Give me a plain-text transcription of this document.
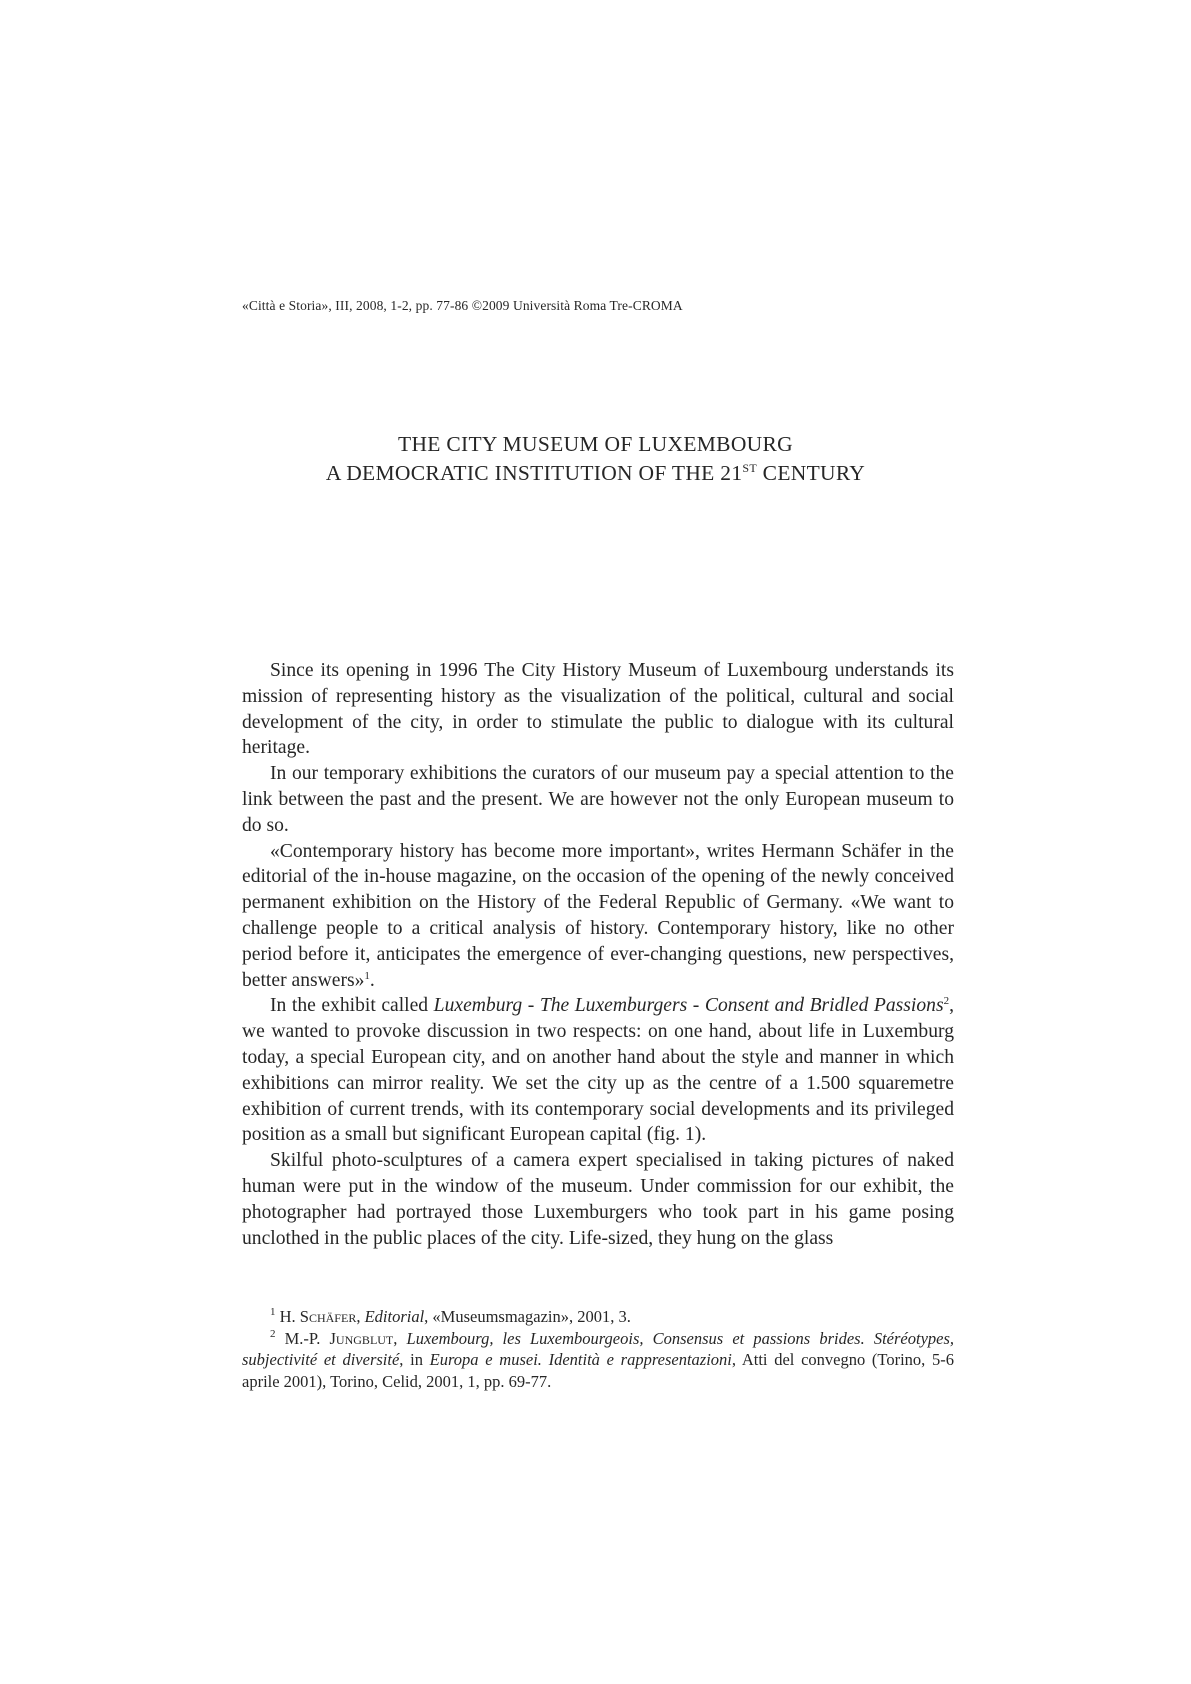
«Città e Storia», III, 2008, 1-2, pp. 77-86 ©2009 Università Roma Tre-CROMA
THE CITY MUSEUM OF LUXEMBOURG
A DEMOCRATIC INSTITUTION OF THE 21ST CENTURY

Since its opening in 1996 The City History Museum of Luxembourg understands its mission of representing history as the visualization of the political, cultural and social development of the city, in order to stimulate the public to dialogue with its cultural heritage.

In our temporary exhibitions the curators of our museum pay a special attention to the link between the past and the present. We are however not the only European museum to do so.

«Contemporary history has become more important», writes Hermann Schäfer in the editorial of the in-house magazine, on the occasion of the opening of the newly conceived permanent exhibition on the History of the Federal Republic of Germany. «We want to challenge people to a critical analysis of history. Contemporary history, like no other period before it, anticipates the emergence of ever-changing questions, new perspectives, better answers»$^1$.

In the exhibit called Luxemburg - The Luxemburgers - Consent and Bridled Passions$^2$, we wanted to provoke discussion in two respects: on one hand, about life in Luxemburg today, a special European city, and on another hand about the style and manner in which exhibitions can mirror reality. We set the city up as the centre of a 1.500 squaremetre exhibition of current trends, with its contemporary social developments and its privileged position as a small but significant European capital (fig. 1).

Skilful photo-sculptures of a camera expert specialised in taking pictures of naked human were put in the window of the museum. Under commission for our exhibit, the photographer had portrayed those Luxemburgers who took part in his game posing unclothed in the public places of the city. Life-sized, they hung on the glass

$^1$ H. Schäfer, Editorial, «Museumsmagazin», 2001, 3.

$^2$ M.-P. Jungblut, Luxembourg, les Luxembourgeois, Consensus et passions brides. Stéréotypes, subjectivité et diversité, in Europa e musei. Identità e rappresentazioni, Atti del convegno (Torino, 5-6 aprile 2001), Torino, Celid, 2001, 1, pp. 69-77.
